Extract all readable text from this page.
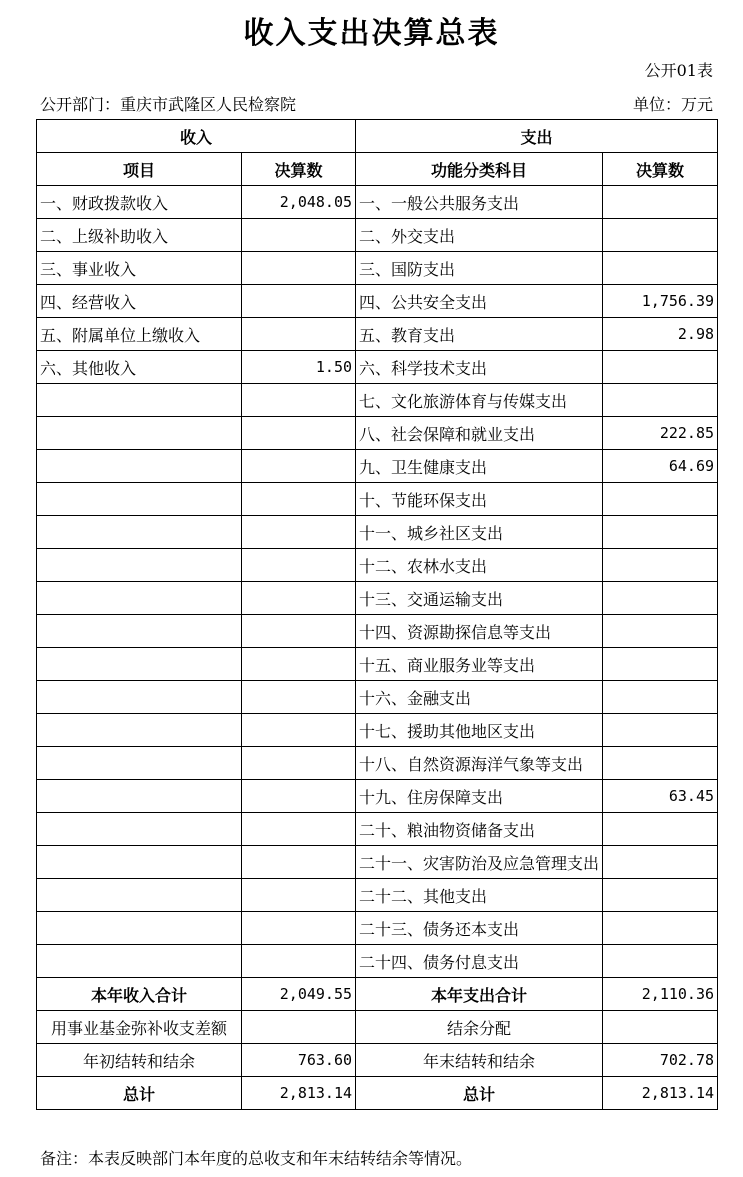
收入支出决算总表
公开01表
公开部门：重庆市武隆区人民检察院	单位：万元
收入		支出	
项目	决算数	功能分类科目	决算数
一、财政拨款收入	2,048.05	一、一般公共服务支出	
二、上级补助收入		二、外交支出	
三、事业收入		三、国防支出	
四、经营收入		四、公共安全支出	1,756.39
五、附属单位上缴收入		五、教育支出	2.98
六、其他收入	1.50	六、科学技术支出	
		七、文化旅游体育与传媒支出	
		八、社会保障和就业支出	222.85
		九、卫生健康支出	64.69
		十、节能环保支出	
		十一、城乡社区支出	
		十二、农林水支出	
		十三、交通运输支出	
		十四、资源勘探信息等支出	
		十五、商业服务业等支出	
		十六、金融支出	
		十七、援助其他地区支出	
		十八、自然资源海洋气象等支出	
		十九、住房保障支出	63.45
		二十、粮油物资储备支出	
		二十一、灾害防治及应急管理支出	
		二十二、其他支出	
		二十三、债务还本支出	
		二十四、债务付息支出	
本年收入合计	2,049.55	本年支出合计	2,110.36
用事业基金弥补收支差额		结余分配	
年初结转和结余	763.60	年末结转和结余	702.78
总计	2,813.14	总计	2,813.14
备注：本表反映部门本年度的总收支和年末结转结余等情况。
